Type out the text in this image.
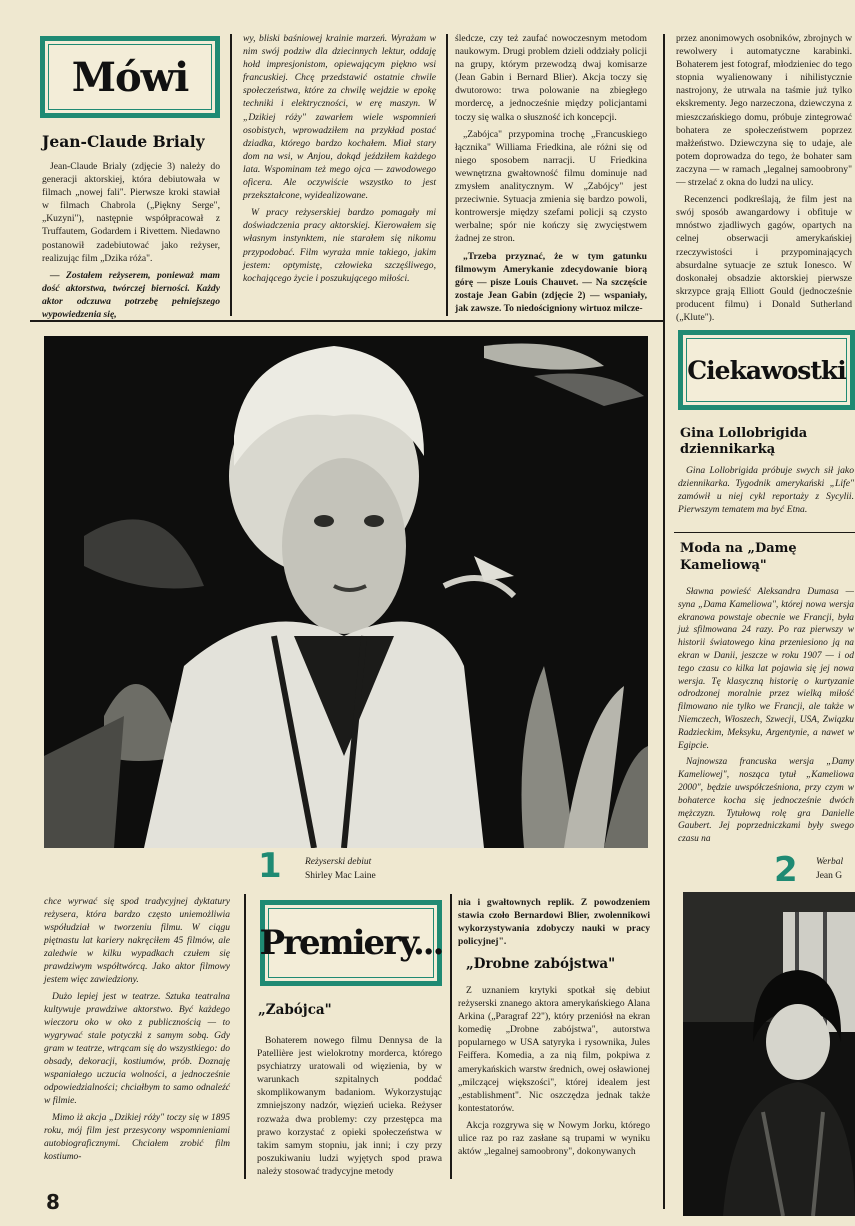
Mówi
Jean-Claude Brialy

Jean-Claude Brialy (zdjęcie 3) należy do generacji aktorskiej, która debiutowała w filmach „nowej fali". Pierwsze kroki stawiał w filmach Chabrola („Piękny Serge", „Kuzyni"), następnie współpracował z Truffautem, Godardem i Rivettem. Niedawno postanowił zadebiutować jako reżyser, realizując film „Dzika róża".

— Zostałem reżyserem, ponieważ mam dość aktorstwa, twórczej bierności. Każdy aktor odczuwa potrzebę pełniejszego wypowiedzenia się,

wy, bliski baśniowej krainie marzeń. Wyrażam w nim swój podziw dla dziecinnych lektur, oddaję hołd impresjonistom, opiewającym piękno wsi francuskiej. Chcę przedstawić ostatnie chwile społeczeństwa, które za chwilę wejdzie w epokę techniki i elektryczności, w erę maszyn. W „Dzikiej róży" zawarłem wiele wspomnień osobistych, wprowadziłem na przykład postać dziadka, którego bardzo kochałem. Miał stary dom na wsi, w Anjou, dokąd jeździłem każdego lata. Wspominam też mego ojca — zawodowego oficera. Ale oczywiście wszystko to jest przekształcone, wyidealizowane.

W pracy reżyserskiej bardzo pomagały mi doświadczenia pracy aktorskiej. Kierowałem się własnym instynktem, nie starałem się nikomu przypodobać. Film wyraża mnie takiego, jakim jestem: optymistę, człowieka szczęśliwego, kochającego życie i poszukującego miłości.

śledcze, czy też zaufać nowoczesnym metodom naukowym. Drugi problem dzieli oddziały policji na grupy, którym przewodzą dwaj komisarze (Jean Gabin i Bernard Blier). Akcja toczy się dwutorowo: trwa polowanie na zbiegłego mordercę, a jednocześnie między policjantami toczy się walka o słuszność ich koncepcji.

„Zabójca" przypomina trochę „Francuskiego łącznika" Williama Friedkina, ale różni się od niego sposobem narracji. U Friedkina wewnętrzna gwałtowność filmu dominuje nad zmysłem analitycznym. W „Zabójcy" jest przeciwnie. Sytuacja zmienia się bardzo powoli, kontrowersje między szefami policji są czysto werbalne; spór nie kończy się zwycięstwem żadnej ze stron.

„Trzeba przyznać, że w tym gatunku filmowym Amerykanie zdecydowanie biorą górę — pisze Louis Chauvet. — Na szczęście zostaje Jean Gabin (zdjęcie 2) — wspaniały, jak zawsze. To niedościgniony wirtuoz milcze-

przez anonimowych osobników, zbrojnych w rewolwery i automatyczne karabinki. Bohaterem jest fotograf, młodzieniec do tego stopnia wyalienowany i nihilistycznie nastrojony, że utrwala na taśmie już tylko ekskrementy. Jego narzeczona, dziewczyna z mieszczańskiego domu, próbuje zintegrować bohatera ze społeczeństwem poprzez małżeństwo. Dziewczyna się to udaje, ale potem doprowadza do tego, że bohater sam zaczyna — w ramach „legalnej samoobrony" — strzelać z okna do ludzi na ulicy.

Recenzenci podkreślają, że film jest na swój sposób awangardowy i obfituje w mnóstwo zjadliwych gagów, opartych na celnej obserwacji amerykańskiej rzeczywistości i przypominających absurdalne sytuacje ze sztuk Ionesco. W doskonałej obsadzie aktorskiej pierwsze skrzypce grają Elliott Gould (jednocześnie producent filmu) i Donald Sutherland („Klute").

Ciekawostki
Gina Lollobrigida dziennikarką

Gina Lollobrigida próbuje swych sił jako dziennikarka. Tygodnik amerykański „Life" zamówił u niej cykl reportaży z Sycylii. Pierwszym tematem ma być Etna.

Moda na „Damę Kameliową"

Sławna powieść Aleksandra Dumasa — syna „Dama Kameliowa", której nowa wersja ekranowa powstaje obecnie we Francji, była już sfilmowana 24 razy. Po raz pierwszy w historii światowego kina przeniesiono ją na ekran w Danii, jeszcze w roku 1907 — i od tego czasu co kilka lat pojawia się jej nowa wersja. Tę klasyczną historię o kurtyzanie odrodzonej moralnie przez wielką miłość filmowano nie tylko we Francji, ale także w Niemczech, Włoszech, Szwecji, USA, Związku Radzieckim, Meksyku, Argentynie, a nawet w Egipcie.

Najnowsza francuska wersja „Damy Kameliowej", nosząca tytuł „Kameliowa 2000", będzie uwspółcześniona, przy czym w bohaterce kocha się jednocześnie dwóch mężczyzn. Tytułową rolę gra Danielle Gaubert. Jej poprzedniczkami były swego czasu na

1 Reżyserski debiut
Shirley Mac Laine	2 Werbal
Jean G

chce wyrwać się spod tradycyjnej dyktatury reżysera, która bardzo często uniemożliwia współudział w tworzeniu filmu. W ciągu piętnastu lat kariery nakręciłem 45 filmów, ale zaledwie w kilku wypadkach czułem się prawdziwym współtwórcą. Jako aktor filmowy jestem więc zawiedziony.

Dużo lepiej jest w teatrze. Sztuka teatralna kultywuje prawdziwe aktorstwo. Być każdego wieczoru oko w oko z publicznością — to wygrywać stale potyczki z samym sobą. Gdy gram w teatrze, wtrącam się do wszystkiego: do obsady, dekoracji, kostiumów, prób. Doznaję wspaniałego uczucia wolności, a jednocześnie odpowiedzialności; chciałbym to samo odnaleźć w filmie.

Mimo iż akcja „Dzikiej róży" toczy się w 1895 roku, mój film jest przesycony wspomnieniami autobiograficznymi. Chciałem zrobić film kostiumo-

Premiery...
„Zabójca"

Bohaterem nowego filmu Dennysa de la Patellière jest wielokrotny morderca, którego psychiatrzy uratowali od więzienia, by w warunkach szpitalnych poddać skomplikowanym badaniom. Wykorzystując zmniejszony nadzór, więzień ucieka. Reżyser rozważa dwa problemy: czy przestępca ma prawo korzystać z opieki społeczeństwa w takim samym stopniu, jak inni; i czy przy poszukiwaniu ludzi wyjętych spod prawa należy stosować tradycyjne metody

nia i gwałtownych replik. Z powodzeniem stawia czoło Bernardowi Blier, zwolennikowi wykorzystywania zdobyczy nauki w pracy policyjnej".

„Drobne zabójstwa"

Z uznaniem krytyki spotkał się debiut reżyserski znanego aktora amerykańskiego Alana Arkina („Paragraf 22"), który przeniósł na ekran komedię „Drobne zabójstwa", autorstwa popularnego w USA satyryka i rysownika, Jules Feiffera. Komedia, a za nią film, pokpiwa z amerykańskich warstw średnich, owej osławionej „milczącej większości", której idealem jest „establishment". Nic oszczędza jednak także kontestatorów.

Akcja rozgrywa się w Nowym Jorku, którego ulice raz po raz zasłane są trupami w wyniku aktów „legalnej samoobrony", dokonywanych

8
